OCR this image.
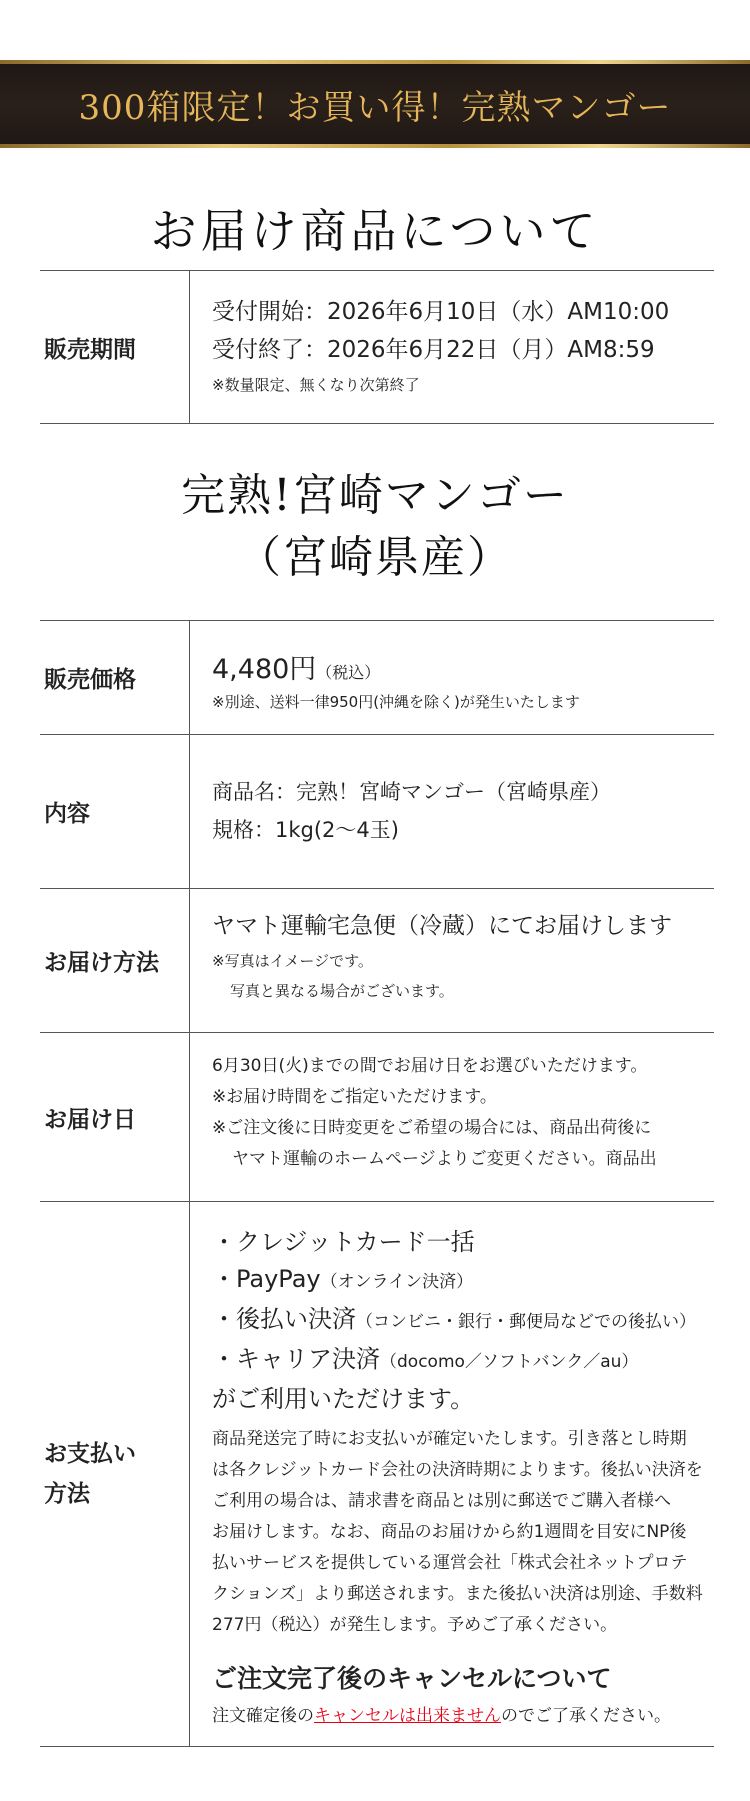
300箱限定！お買い得！完熟マンゴー
お届け商品について
販売期間
受付開始：2026年6月10日（水）AM10:00
受付終了：2026年6月22日（月）AM8:59
※数量限定、無くなり次第終了
完熟!宮崎マンゴー
（宮崎県産）
販売価格	4,480円（税込）
※別途、送料一律950円(沖縄を除く)が発生いたします
内容
商品名：完熟！宮崎マンゴー（宮崎県産）
規格：1kg(2〜4玉)
お届け方法
ヤマト運輸宅急便（冷蔵）にてお届けします
※写真はイメージです。
写真と異なる場合がございます。
お届け日
6月30日(火)までの間でお届け日をお選びいただけます。
※お届け時間をご指定いただけます。
※ご注文後に日時変更をご希望の場合には、商品出荷後に
ヤマト運輸のホームページよりご変更ください。商品出
お支払い
方法
・クレジットカード一括
・PayPay（オンライン決済）
・後払い決済（コンビニ・銀行・郵便局などでの後払い）
・キャリア決済（docomo／ソフトバンク／au）
がご利用いただけます。
商品発送完了時にお支払いが確定いたします。引き落とし時期
は各クレジットカード会社の決済時期によります。後払い決済を
ご利用の場合は、請求書を商品とは別に郵送でご購入者様へ
お届けします。なお、商品のお届けから約1週間を目安にNP後
払いサービスを提供している運営会社「株式会社ネットプロテ
クションズ」より郵送されます。また後払い決済は別途、手数料
277円（税込）が発生します。予めご了承ください。
ご注文完了後のキャンセルについて
注文確定後のキャンセルは出来ませんのでご了承ください。
